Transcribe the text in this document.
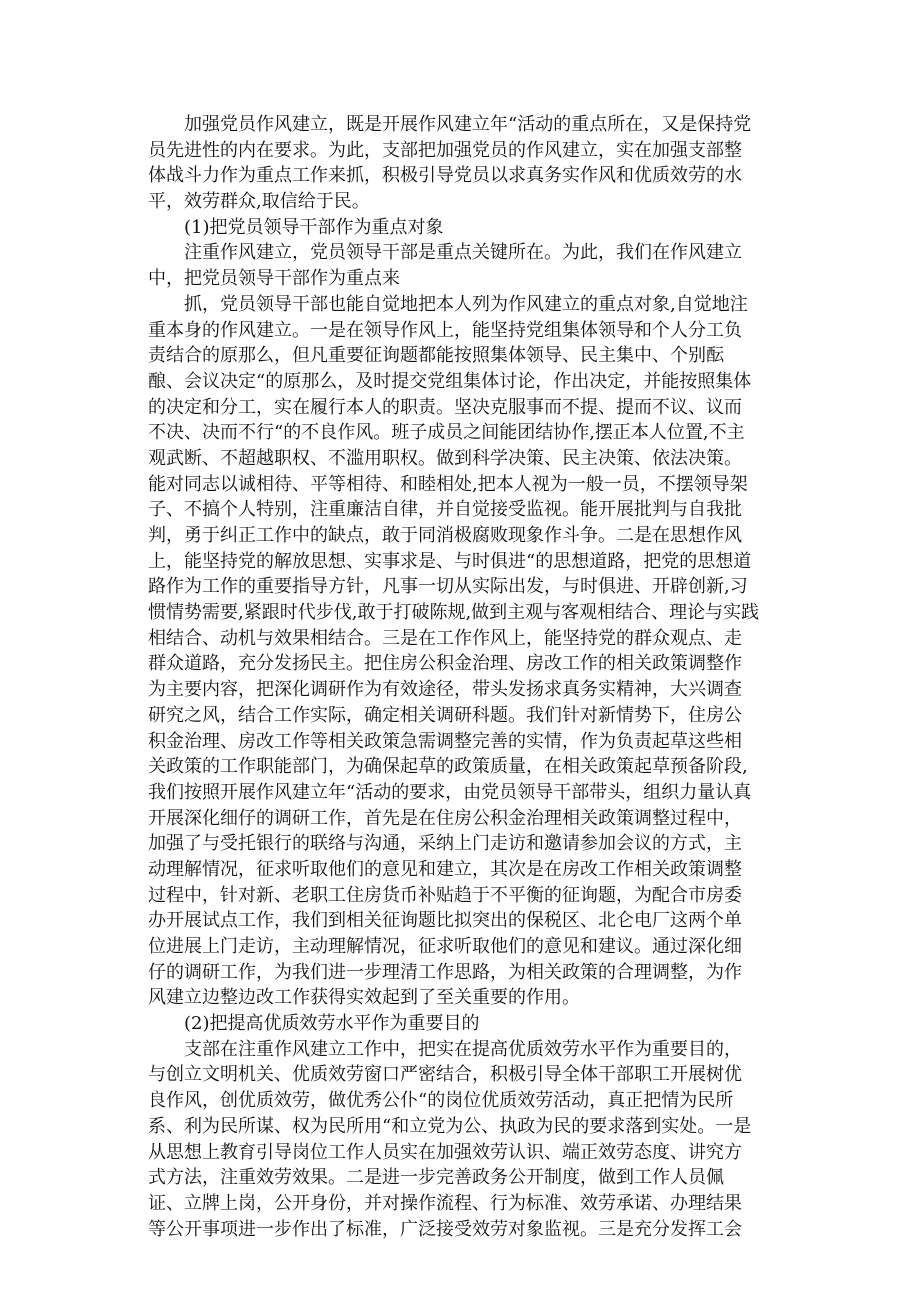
加强党员作风建立，既是开展作风建立年“活动的重点所在，又是保持党
员先进性的内在要求。为此，支部把加强党员的作风建立，实在加强支部整
体战斗力作为重点工作来抓，积极引导党员以求真务实作风和优质效劳的水
平，效劳群众,取信给于民。
(1)把党员领导干部作为重点对象
注重作风建立，党员领导干部是重点关键所在。为此，我们在作风建立
中，把党员领导干部作为重点来
抓，党员领导干部也能自觉地把本人列为作风建立的重点对象,自觉地注
重本身的作风建立。一是在领导作风上，能坚持党组集体领导和个人分工负
责结合的原那么，但凡重要征询题都能按照集体领导、民主集中、个别酝
酿、会议决定“的原那么，及时提交党组集体讨论，作出决定，并能按照集体
的决定和分工，实在履行本人的职责。坚决克服事而不提、提而不议、议而
不决、决而不行“的不良作风。班子成员之间能团结协作,摆正本人位置,不主
观武断、不超越职权、不滥用职权。做到科学决策、民主决策、依法决策。
能对同志以诚相待、平等相待、和睦相处,把本人视为一般一员，不摆领导架
子、不搞个人特别，注重廉洁自律，并自觉接受监视。能开展批判与自我批
判，勇于纠正工作中的缺点，敢于同消极腐败现象作斗争。二是在思想作风
上，能坚持党的解放思想、实事求是、与时俱进“的思想道路，把党的思想道
路作为工作的重要指导方针，凡事一切从实际出发，与时俱进、开辟创新,习
惯情势需要,紧跟时代步伐,敢于打破陈规,做到主观与客观相结合、理论与实践
相结合、动机与效果相结合。三是在工作作风上，能坚持党的群众观点、走
群众道路，充分发扬民主。把住房公积金治理、房改工作的相关政策调整作
为主要内容，把深化调研作为有效途径，带头发扬求真务实精神，大兴调查
研究之风，结合工作实际，确定相关调研科题。我们针对新情势下，住房公
积金治理、房改工作等相关政策急需调整完善的实情，作为负责起草这些相
关政策的工作职能部门，为确保起草的政策质量，在相关政策起草预备阶段,
我们按照开展作风建立年“活动的要求，由党员领导干部带头，组织力量认真
开展深化细仔的调研工作，首先是在住房公积金治理相关政策调整过程中，
加强了与受托银行的联络与沟通，采纳上门走访和邀请参加会议的方式，主
动理解情况，征求听取他们的意见和建立，其次是在房改工作相关政策调整
过程中，针对新、老职工住房货币补贴趋于不平衡的征询题，为配合市房委
办开展试点工作，我们到相关征询题比拟突出的保税区、北仑电厂这两个单
位进展上门走访，主动理解情况，征求听取他们的意见和建议。通过深化细
仔的调研工作，为我们进一步理清工作思路，为相关政策的合理调整，为作
风建立边整边改工作获得实效起到了至关重要的作用。
(2)把提高优质效劳水平作为重要目的
支部在注重作风建立工作中，把实在提高优质效劳水平作为重要目的，
与创立文明机关、优质效劳窗口严密结合，积极引导全体干部职工开展树优
良作风，创优质效劳，做优秀公仆“的岗位优质效劳活动，真正把情为民所
系、利为民所谋、权为民所用“和立党为公、执政为民的要求落到实处。一是
从思想上教育引导岗位工作人员实在加强效劳认识、端正效劳态度、讲究方
式方法，注重效劳效果。二是进一步完善政务公开制度，做到工作人员佩
证、立牌上岗，公开身份，并对操作流程、行为标准、效劳承诺、办理结果
等公开事项进一步作出了标准，广泛接受效劳对象监视。三是充分发挥工会
